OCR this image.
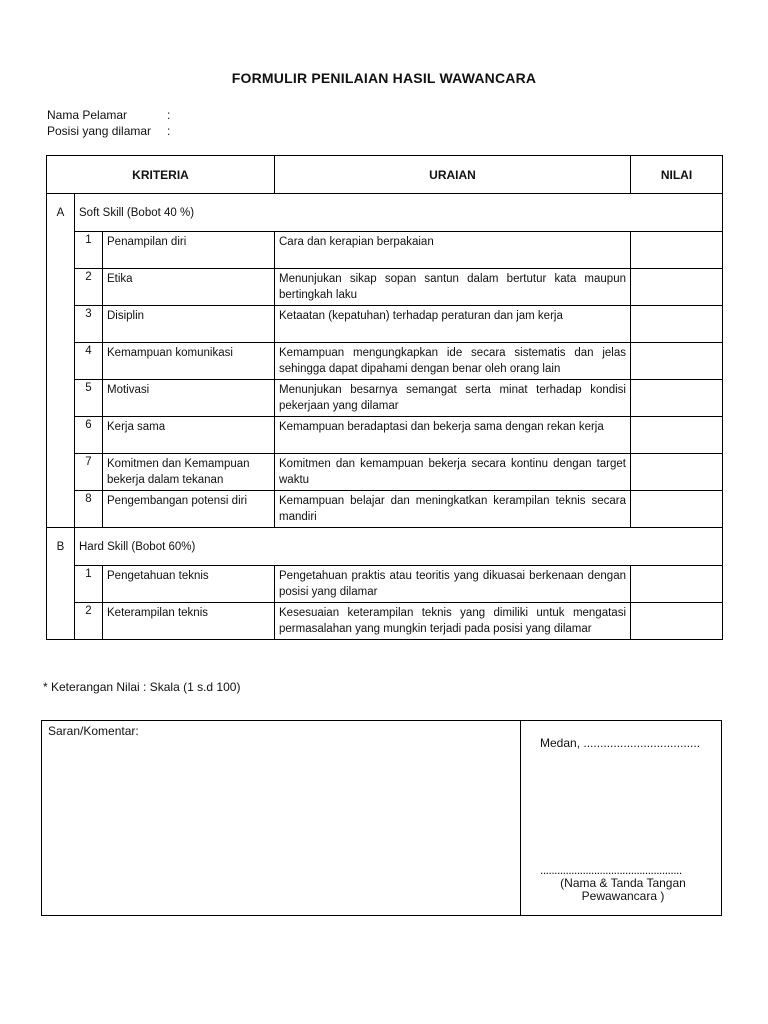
FORMULIR PENILAIAN HASIL WAWANCARA
Nama Pelamar	:
Posisi yang dilamar :
KRITERIA			URAIAN	NILAI
A	Soft Skill (Bobot 40 %)			
	1	Penampilan diri	Cara dan kerapian berpakaian	
	2	Etika	Menunjukan sikap sopan santun dalam bertutur kata maupun bertingkah laku	
	3	Disiplin	Ketaatan (kepatuhan) terhadap peraturan dan jam kerja	
	4	Kemampuan komunikasi	Kemampuan mengungkapkan ide secara sistematis dan jelas sehingga dapat dipahami dengan benar oleh orang lain	
	5	Motivasi	Menunjukan besarnya semangat serta minat terhadap kondisi pekerjaan yang dilamar	
	6	Kerja sama	Kemampuan beradaptasi dan bekerja sama dengan rekan kerja	
	7	Komitmen dan Kemampuan bekerja dalam tekanan	Komitmen dan kemampuan bekerja secara kontinu dengan target waktu	
	8	Pengembangan potensi diri	Kemampuan belajar dan meningkatkan kerampilan teknis secara mandiri	
B	Hard Skill (Bobot 60%)			
	1	Pengetahuan teknis	Pengetahuan praktis atau teoritis yang dikuasai berkenaan dengan posisi yang dilamar	
	2	Keterampilan teknis	Kesesuaian keterampilan teknis yang dimiliki untuk mengatasi permasalahan yang mungkin terjadi pada posisi yang dilamar	
* Keterangan Nilai : Skala (1 s.d 100)
Saran/Komentar:
Medan, ...................................
..................................................
(Nama & Tanda Tangan
Pewawancara )
